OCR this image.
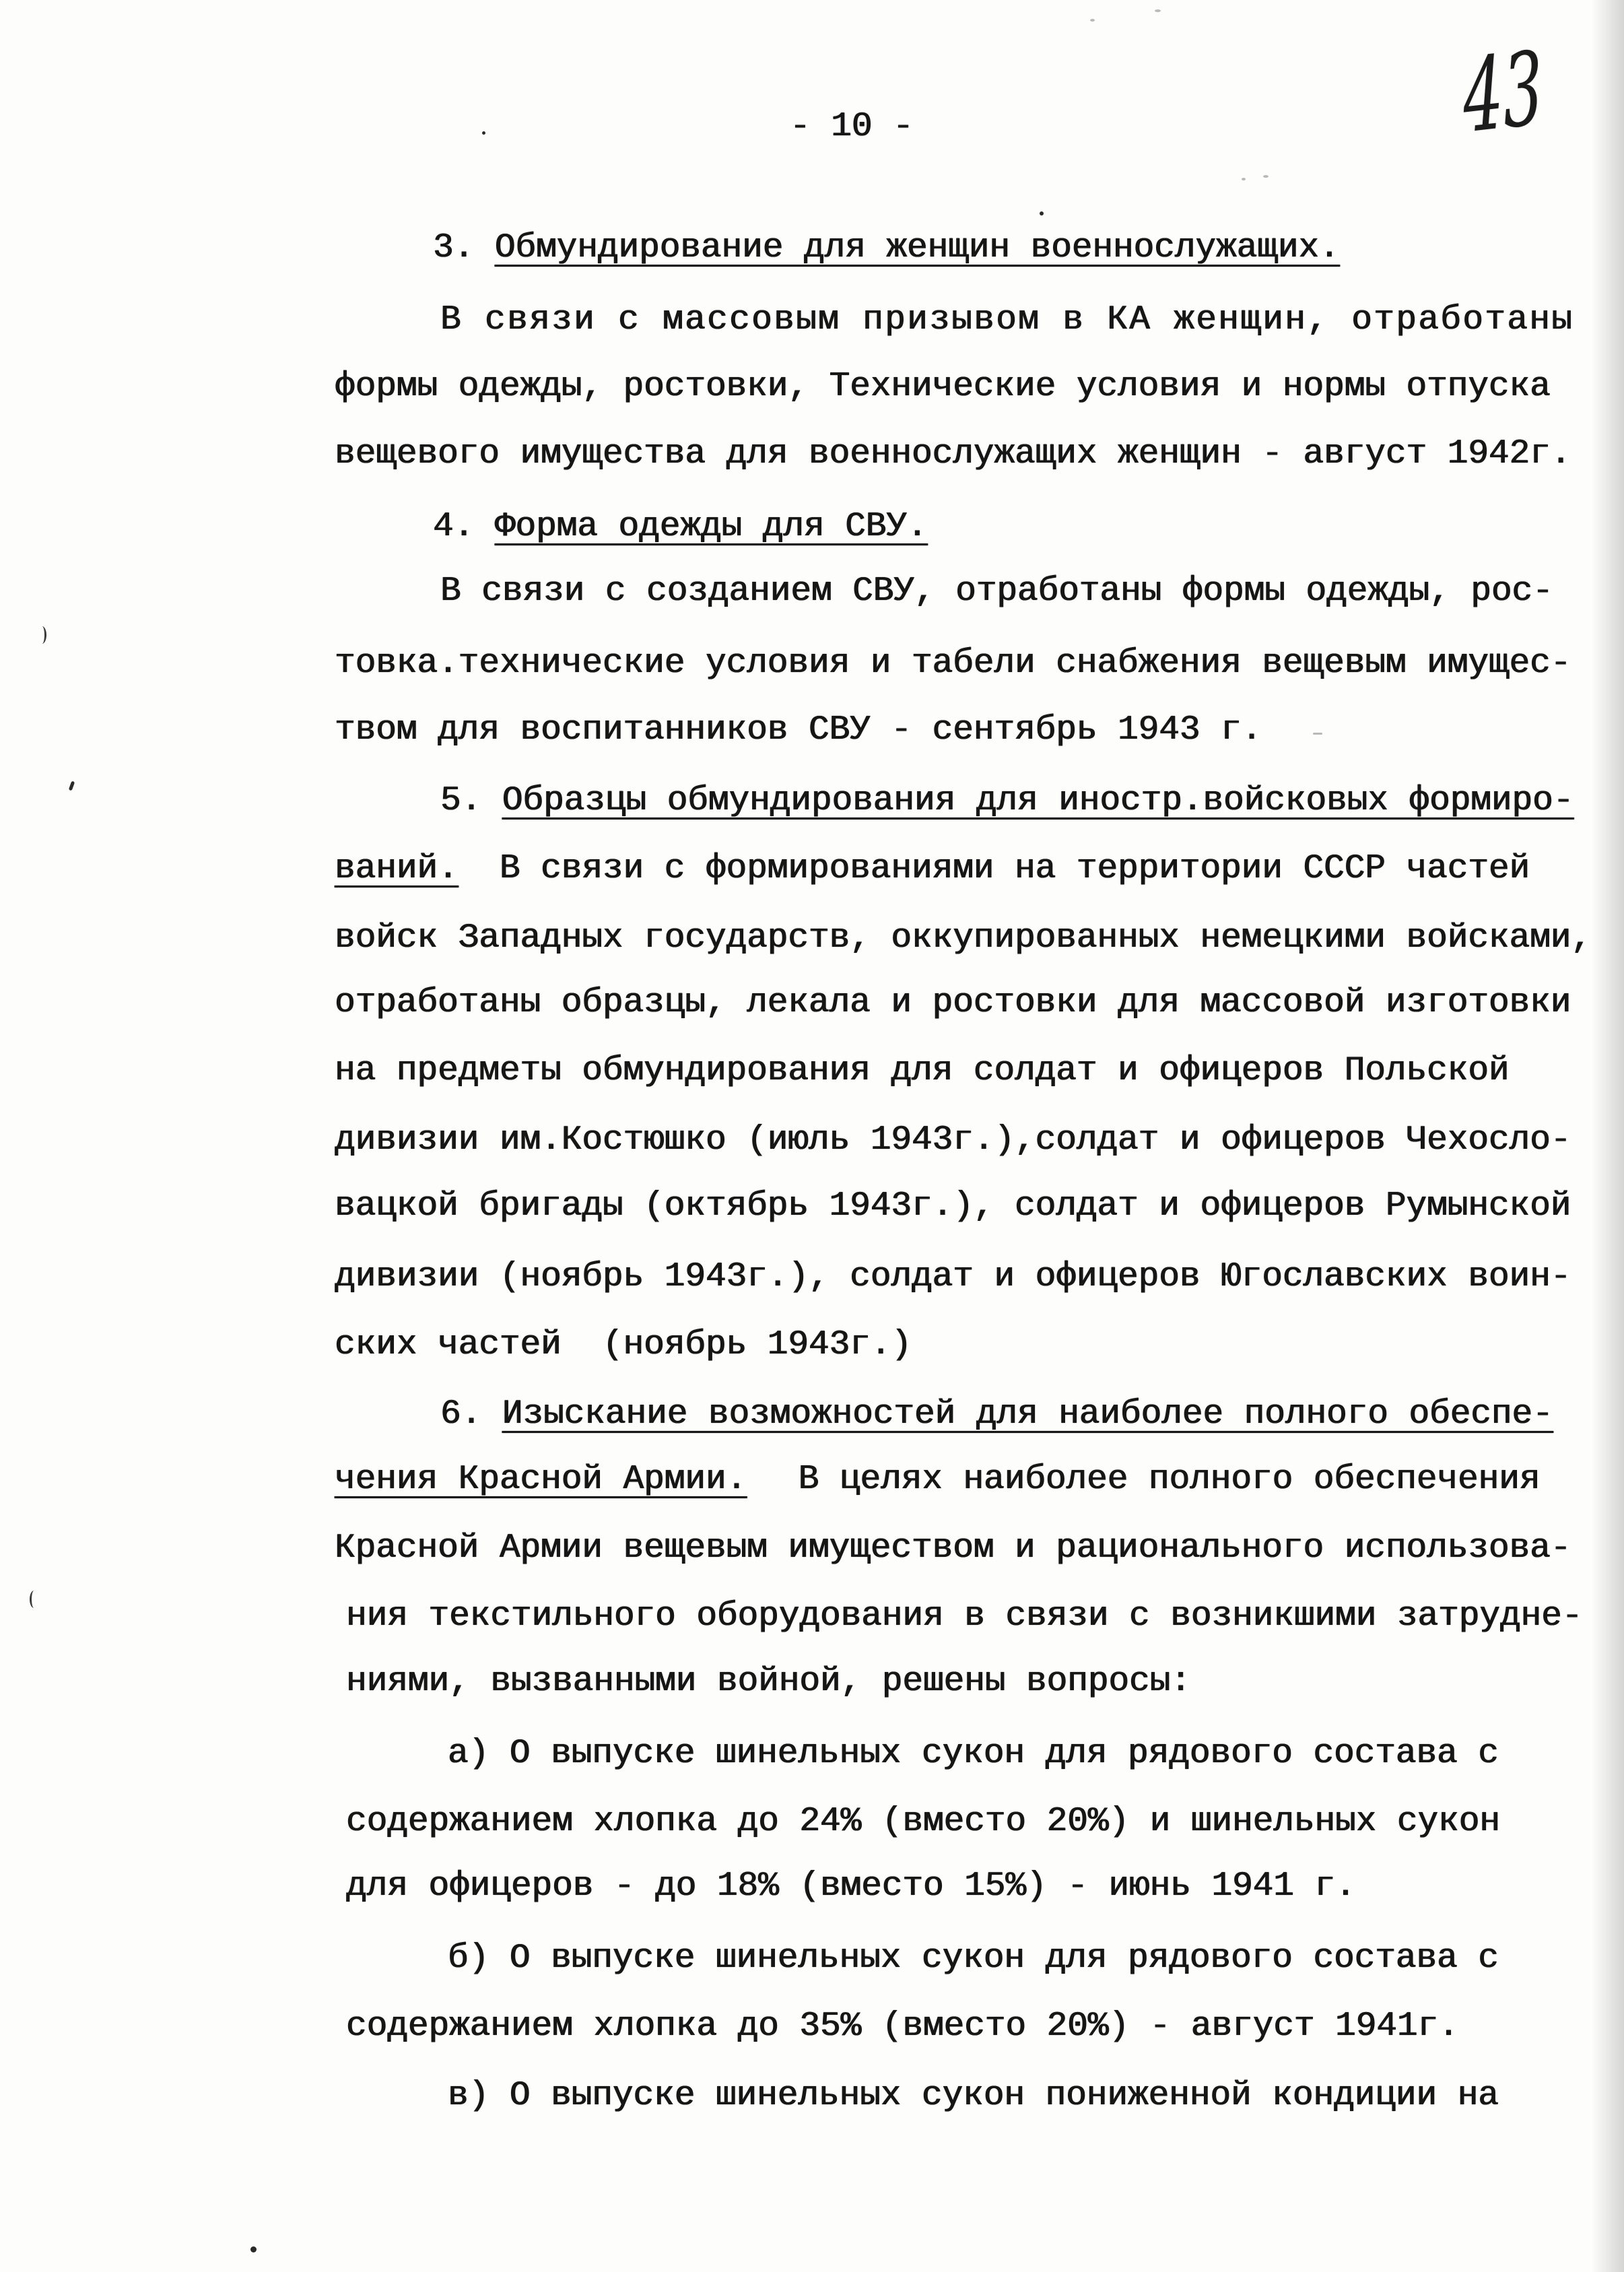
- 10 -	43
3. Обмундирование для женщин военнослужащих.
В связи с массовым призывом в КА женщин, отработаны
формы одежды, ростовки, Технические условия и нормы отпуска
вещевого имущества для военнослужащих женщин - август 1942г.
4. Форма одежды для СВУ.
В связи с созданием СВУ, отработаны формы одежды, рос-
товка.технические условия и табели снабжения вещевым имущес-
твом для воспитанников СВУ - сентябрь 1943 г.
5. Образцы обмундирования для иностр.войсковых формиро-
ваний. В связи с формированиями на территории СССР частей
войск Западных государств, оккупированных немецкими войсками,
отработаны образцы, лекала и ростовки для массовой изготовки
на предметы обмундирования для солдат и офицеров Польской
дивизии им.Костюшко (июль 1943г.),солдат и офицеров Чехосло-
вацкой бригады (октябрь 1943г.), солдат и офицеров Румынской
дивизии (ноябрь 1943г.), солдат и офицеров Югославских воин-
ских частей  (ноябрь 1943г.)
6. Изыскание возможностей для наиболее полного обеспе-
чения Красной Армии. В целях наиболее полного обеспечения
Красной Армии вещевым имуществом и рационального использова-
ния текстильного оборудования в связи с возникшими затрудне-
ниями, вызванными войной, решены вопросы:
а) О выпуске шинельных сукон для рядового состава с
содержанием хлопка до 24% (вместо 20%) и шинельных сукон
для офицеров - до 18% (вместо 15%) - июнь 1941 г.
б) О выпуске шинельных сукон для рядового состава с
содержанием хлопка до 35% (вместо 20%) - август 1941г.
в) О выпуске шинельных сукон пониженной кондиции на
